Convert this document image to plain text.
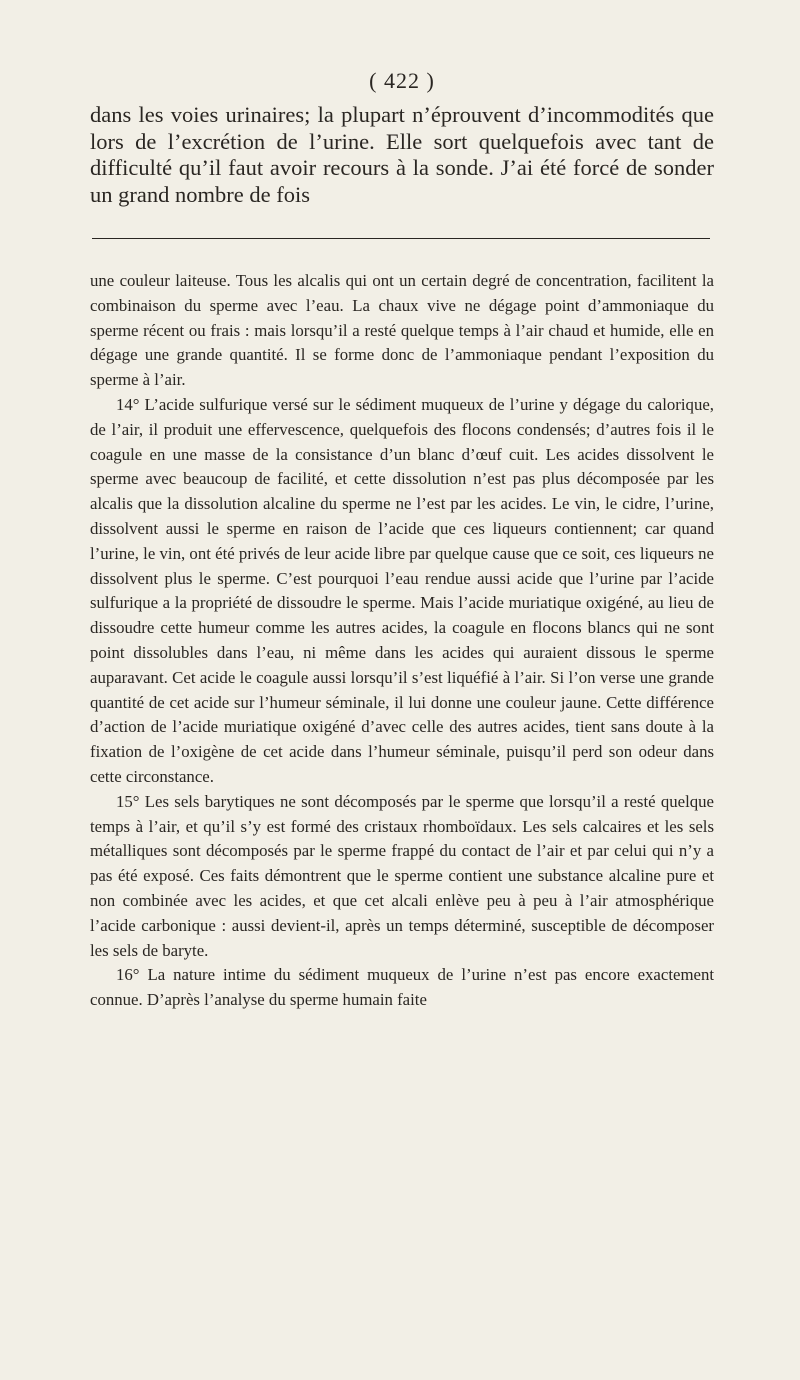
( 422 )

dans les voies urinaires; la plupart n’éprouvent d’incommodités que lors de l’excrétion de l’urine. Elle sort quelquefois avec tant de difficulté qu’il faut avoir recours à la sonde. J’ai été forcé de sonder un grand nombre de fois

une couleur laiteuse. Tous les alcalis qui ont un certain degré de concentration, facilitent la combinaison du sperme avec l’eau. La chaux vive ne dégage point d’ammoniaque du sperme récent ou frais : mais lorsqu’il a resté quelque temps à l’air chaud et humide, elle en dégage une grande quantité. Il se forme donc de l’ammoniaque pendant l’exposition du sperme à l’air.

14° L’acide sulfurique versé sur le sédiment muqueux de l’urine y dégage du calorique, de l’air, il produit une effervescence, quelquefois des flocons condensés; d’autres fois il le coagule en une masse de la consistance d’un blanc d’œuf cuit. Les acides dissolvent le sperme avec beaucoup de facilité, et cette dissolution n’est pas plus décomposée par les alcalis que la dissolution alcaline du sperme ne l’est par les acides. Le vin, le cidre, l’urine, dissolvent aussi le sperme en raison de l’acide que ces liqueurs contiennent; car quand l’urine, le vin, ont été privés de leur acide libre par quelque cause que ce soit, ces liqueurs ne dissolvent plus le sperme. C’est pourquoi l’eau rendue aussi acide que l’urine par l’acide sulfurique a la propriété de dissoudre le sperme. Mais l’acide muriatique oxigéné, au lieu de dissoudre cette humeur comme les autres acides, la coagule en flocons blancs qui ne sont point dissolubles dans l’eau, ni même dans les acides qui auraient dissous le sperme auparavant. Cet acide le coagule aussi lorsqu’il s’est liquéfié à l’air. Si l’on verse une grande quantité de cet acide sur l’humeur séminale, il lui donne une couleur jaune. Cette différence d’action de l’acide muriatique oxigéné d’avec celle des autres acides, tient sans doute à la fixation de l’oxigène de cet acide dans l’humeur séminale, puisqu’il perd son odeur dans cette circonstance.

15° Les sels barytiques ne sont décomposés par le sperme que lorsqu’il a resté quelque temps à l’air, et qu’il s’y est formé des cristaux rhomboïdaux. Les sels calcaires et les sels métalliques sont décomposés par le sperme frappé du contact de l’air et par celui qui n’y a pas été exposé. Ces faits démontrent que le sperme contient une substance alcaline pure et non combinée avec les acides, et que cet alcali enlève peu à peu à l’air atmosphérique l’acide carbonique : aussi devient-il, après un temps déterminé, susceptible de décomposer les sels de baryte.

16° La nature intime du sédiment muqueux de l’urine n’est pas encore exactement connue. D’après l’analyse du sperme humain faite
